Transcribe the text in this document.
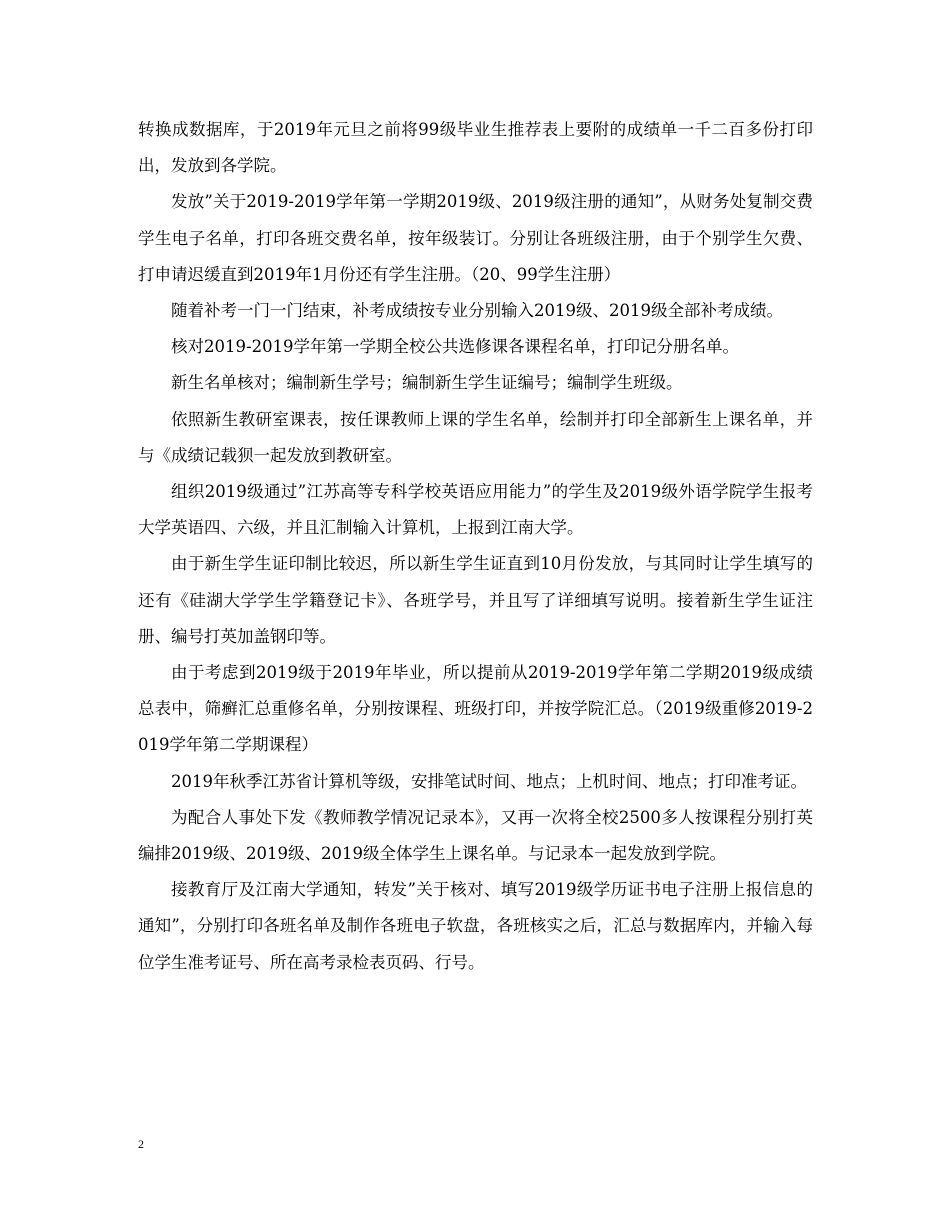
转换成数据库，于2019年元旦之前将99级毕业生推荐表上要附的成绩单一千二百多份打印出，发放到各学院。

发放”关于2019-2019学年第一学期2019级、2019级注册的通知”，从财务处复制交费学生电子名单，打印各班交费名单，按年级装订。分别让各班级注册，由于个别学生欠费、打申请迟缓直到2019年1月份还有学生注册。（20、99学生注册）

随着补考一门一门结束，补考成绩按专业分别输入2019级、2019级全部补考成绩。

核对2019-2019学年第一学期全校公共选修课各课程名单，打印记分册名单。

新生名单核对；编制新生学号；编制新生学生证编号；编制学生班级。

依照新生教研室课表，按任课教师上课的学生名单，绘制并打印全部新生上课名单，并与《成绩记载狈一起发放到教研室。

组织2019级通过”江苏高等专科学校英语应用能力”的学生及2019级外语学院学生报考大学英语四、六级，并且汇制输入计算机，上报到江南大学。

由于新生学生证印制比较迟，所以新生学生证直到10月份发放，与其同时让学生填写的还有《硅湖大学学生学籍登记卡》、各班学号，并且写了详细填写说明。接着新生学生证注册、编号打英加盖钢印等。

由于考虑到2019级于2019年毕业，所以提前从2019-2019学年第二学期2019级成绩总表中，筛癣汇总重修名单，分别按课程、班级打印，并按学院汇总。（2019级重修2019-2019学年第二学期课程）

2019年秋季江苏省计算机等级，安排笔试时间、地点；上机时间、地点；打印准考证。

为配合人事处下发《教师教学情况记录本》，又再一次将全校2500多人按课程分别打英编排2019级、2019级、2019级全体学生上课名单。与记录本一起发放到学院。

接教育厅及江南大学通知，转发”关于核对、填写2019级学历证书电子注册上报信息的通知”，分别打印各班名单及制作各班电子软盘，各班核实之后，汇总与数据库内，并输入每位学生准考证号、所在高考录检表页码、行号。

2
